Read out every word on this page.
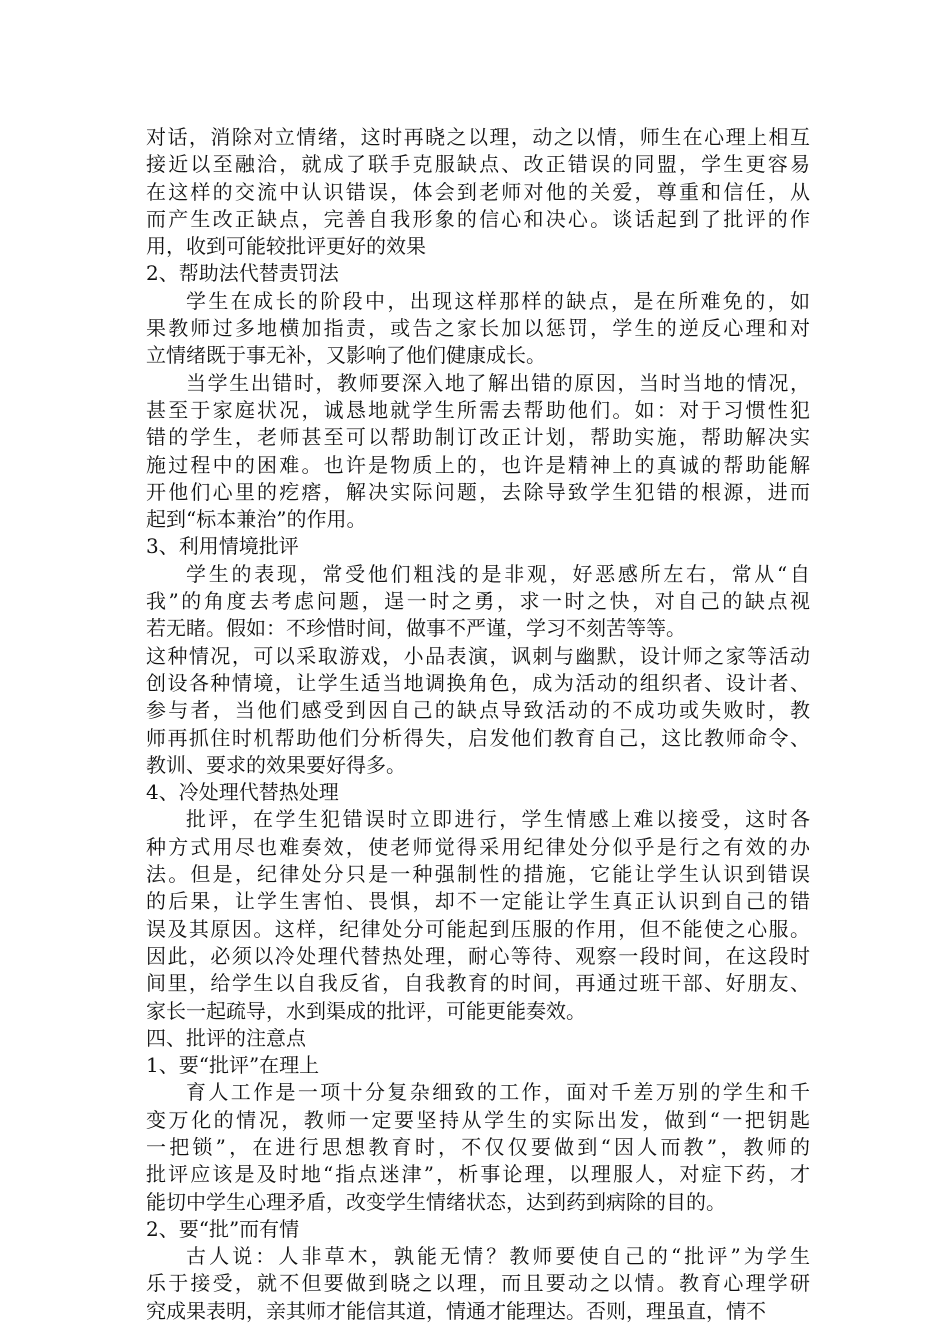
对话，消除对立情绪，这时再晓之以理，动之以情，师生在心理上相互
接近以至融洽，就成了联手克服缺点、改正错误的同盟，学生更容易
在这样的交流中认识错误，体会到老师对他的关爱，尊重和信任，从
而产生改正缺点，完善自我形象的信心和决心。谈话起到了批评的作
用，收到可能较批评更好的效果
2、帮助法代替责罚法
学生在成长的阶段中，出现这样那样的缺点，是在所难免的，如
果教师过多地横加指责，或告之家长加以惩罚，学生的逆反心理和对
立情绪既于事无补，又影响了他们健康成长。
当学生出错时，教师要深入地了解出错的原因，当时当地的情况，
甚至于家庭状况，诚恳地就学生所需去帮助他们。如：对于习惯性犯
错的学生，老师甚至可以帮助制订改正计划，帮助实施，帮助解决实
施过程中的困难。也许是物质上的，也许是精神上的真诚的帮助能解
开他们心里的疙瘩，解决实际问题，去除导致学生犯错的根源，进而
起到“标本兼治”的作用。
3、利用情境批评
学生的表现，常受他们粗浅的是非观，好恶感所左右，常从“自
我”的角度去考虑问题，逞一时之勇，求一时之快，对自己的缺点视
若无睹。假如：不珍惜时间，做事不严谨，学习不刻苦等等。
这种情况，可以采取游戏，小品表演，讽刺与幽默，设计师之家等活动
创设各种情境，让学生适当地调换角色，成为活动的组织者、设计者、
参与者，当他们感受到因自己的缺点导致活动的不成功或失败时，教
师再抓住时机帮助他们分析得失，启发他们教育自己，这比教师命令、
教训、要求的效果要好得多。
4、冷处理代替热处理
批评，在学生犯错误时立即进行，学生情感上难以接受，这时各
种方式用尽也难奏效，使老师觉得采用纪律处分似乎是行之有效的办
法。但是，纪律处分只是一种强制性的措施，它能让学生认识到错误
的后果，让学生害怕、畏惧，却不一定能让学生真正认识到自己的错
误及其原因。这样，纪律处分可能起到压服的作用，但不能使之心服。
因此，必须以冷处理代替热处理，耐心等待、观察一段时间，在这段时
间里，给学生以自我反省，自我教育的时间，再通过班干部、好朋友、
家长一起疏导，水到渠成的批评，可能更能奏效。
四、批评的注意点
1、要“批评”在理上
育人工作是一项十分复杂细致的工作，面对千差万别的学生和千
变万化的情况，教师一定要坚持从学生的实际出发，做到“一把钥匙
一把锁”，在进行思想教育时，不仅仅要做到“因人而教”，教师的
批评应该是及时地“指点迷津”，析事论理，以理服人，对症下药，才
能切中学生心理矛盾，改变学生情绪状态，达到药到病除的目的。
2、要“批”而有情
古人说：人非草木，孰能无情？教师要使自己的“批评”为学生
乐于接受，就不但要做到晓之以理，而且要动之以情。教育心理学研
究成果表明，亲其师才能信其道，情通才能理达。否则，理虽直，情不
